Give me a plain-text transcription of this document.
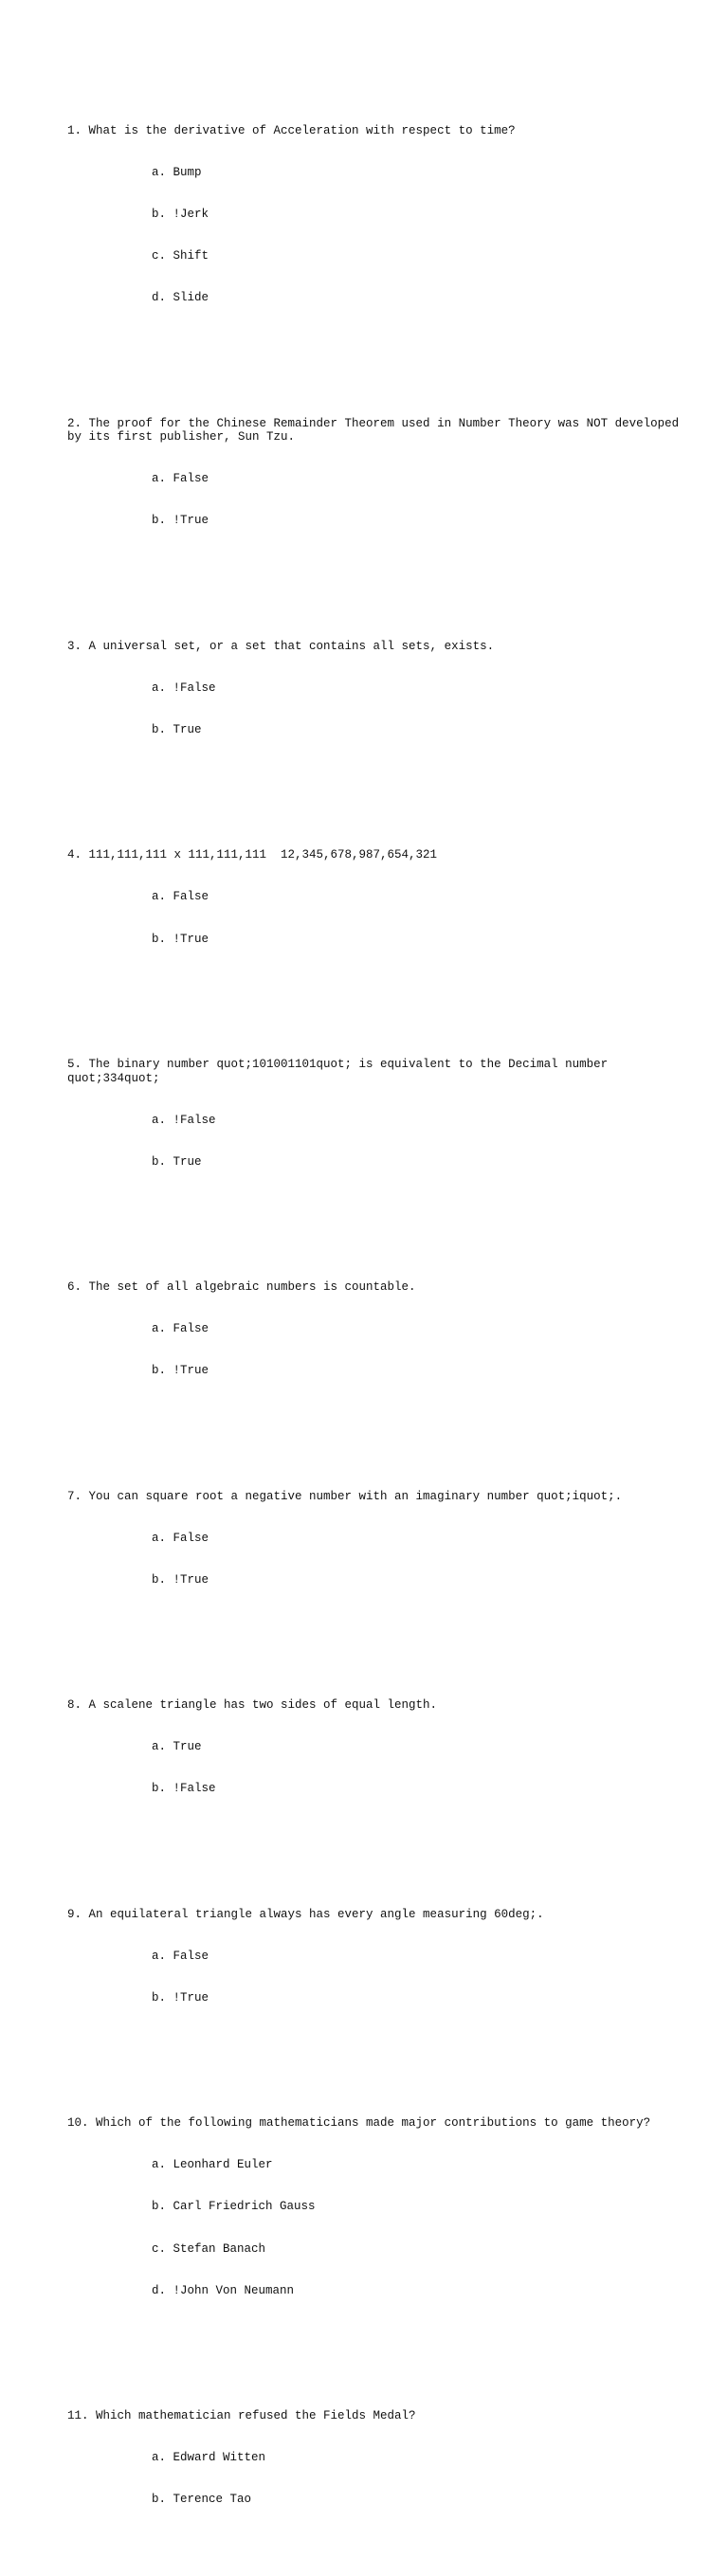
1. What is the derivative of Acceleration with respect to time?

a. Bump

b. !Jerk

c. Shift

d. Slide

2. The proof for the Chinese Remainder Theorem used in Number Theory was NOT developed by its first publisher, Sun Tzu.

a. False

b. !True

3. A universal set, or a set that contains all sets, exists.

a. !False

b. True

4. 111,111,111 x 111,111,111  12,345,678,987,654,321

a. False

b. !True

5. The binary number quot;101001101quot; is equivalent to the Decimal number quot;334quot;

a. !False

b. True

6. The set of all algebraic numbers is countable.

a. False

b. !True

7. You can square root a negative number with an imaginary number quot;iquot;.

a. False

b. !True

8. A scalene triangle has two sides of equal length.

a. True

b. !False

9. An equilateral triangle always has every angle measuring 60deg;.

a. False

b. !True

10. Which of the following mathematicians made major contributions to game theory?

a. Leonhard Euler

b. Carl Friedrich Gauss

c. Stefan Banach

d. !John Von Neumann

11. Which mathematician refused the Fields Medal?

a. Edward Witten

b. Terence Tao
